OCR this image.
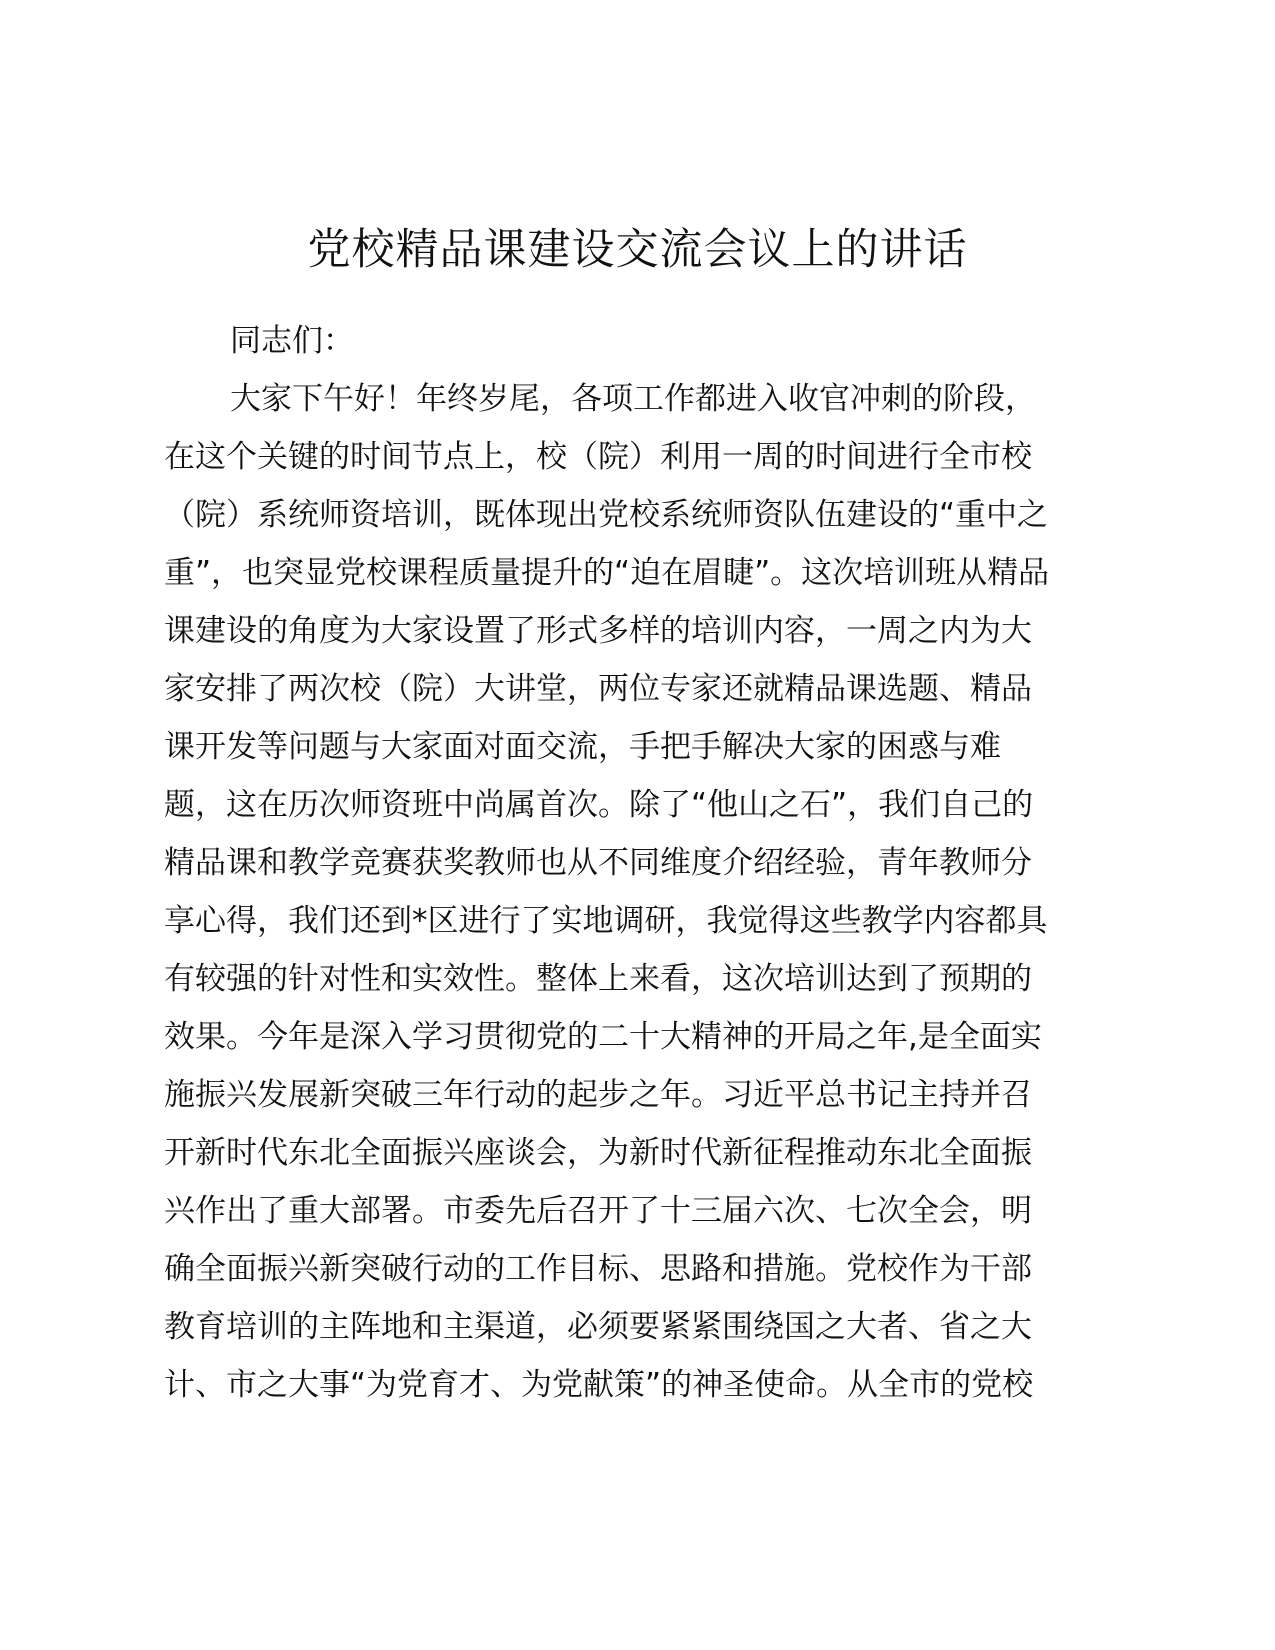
党校精品课建设交流会议上的讲话
同志们：
大家下午好！年终岁尾，各项工作都进入收官冲刺的阶段，
在这个关键的时间节点上，校（院）利用一周的时间进行全市校
（院）系统师资培训，既体现出党校系统师资队伍建设的“重中之
重”，也突显党校课程质量提升的“迫在眉睫”。这次培训班从精品
课建设的角度为大家设置了形式多样的培训内容，一周之内为大
家安排了两次校（院）大讲堂，两位专家还就精品课选题、精品
课开发等问题与大家面对面交流，手把手解决大家的困惑与难
题，这在历次师资班中尚属首次。除了“他山之石”，我们自己的
精品课和教学竞赛获奖教师也从不同维度介绍经验，青年教师分
享心得，我们还到*区进行了实地调研，我觉得这些教学内容都具
有较强的针对性和实效性。整体上来看，这次培训达到了预期的
效果。今年是深入学习贯彻党的二十大精神的开局之年,是全面实
施振兴发展新突破三年行动的起步之年。习近平总书记主持并召
开新时代东北全面振兴座谈会，为新时代新征程推动东北全面振
兴作出了重大部署。市委先后召开了十三届六次、七次全会，明
确全面振兴新突破行动的工作目标、思路和措施。党校作为干部
教育培训的主阵地和主渠道，必须要紧紧围绕国之大者、省之大
计、市之大事“为党育才、为党献策”的神圣使命。从全市的党校
